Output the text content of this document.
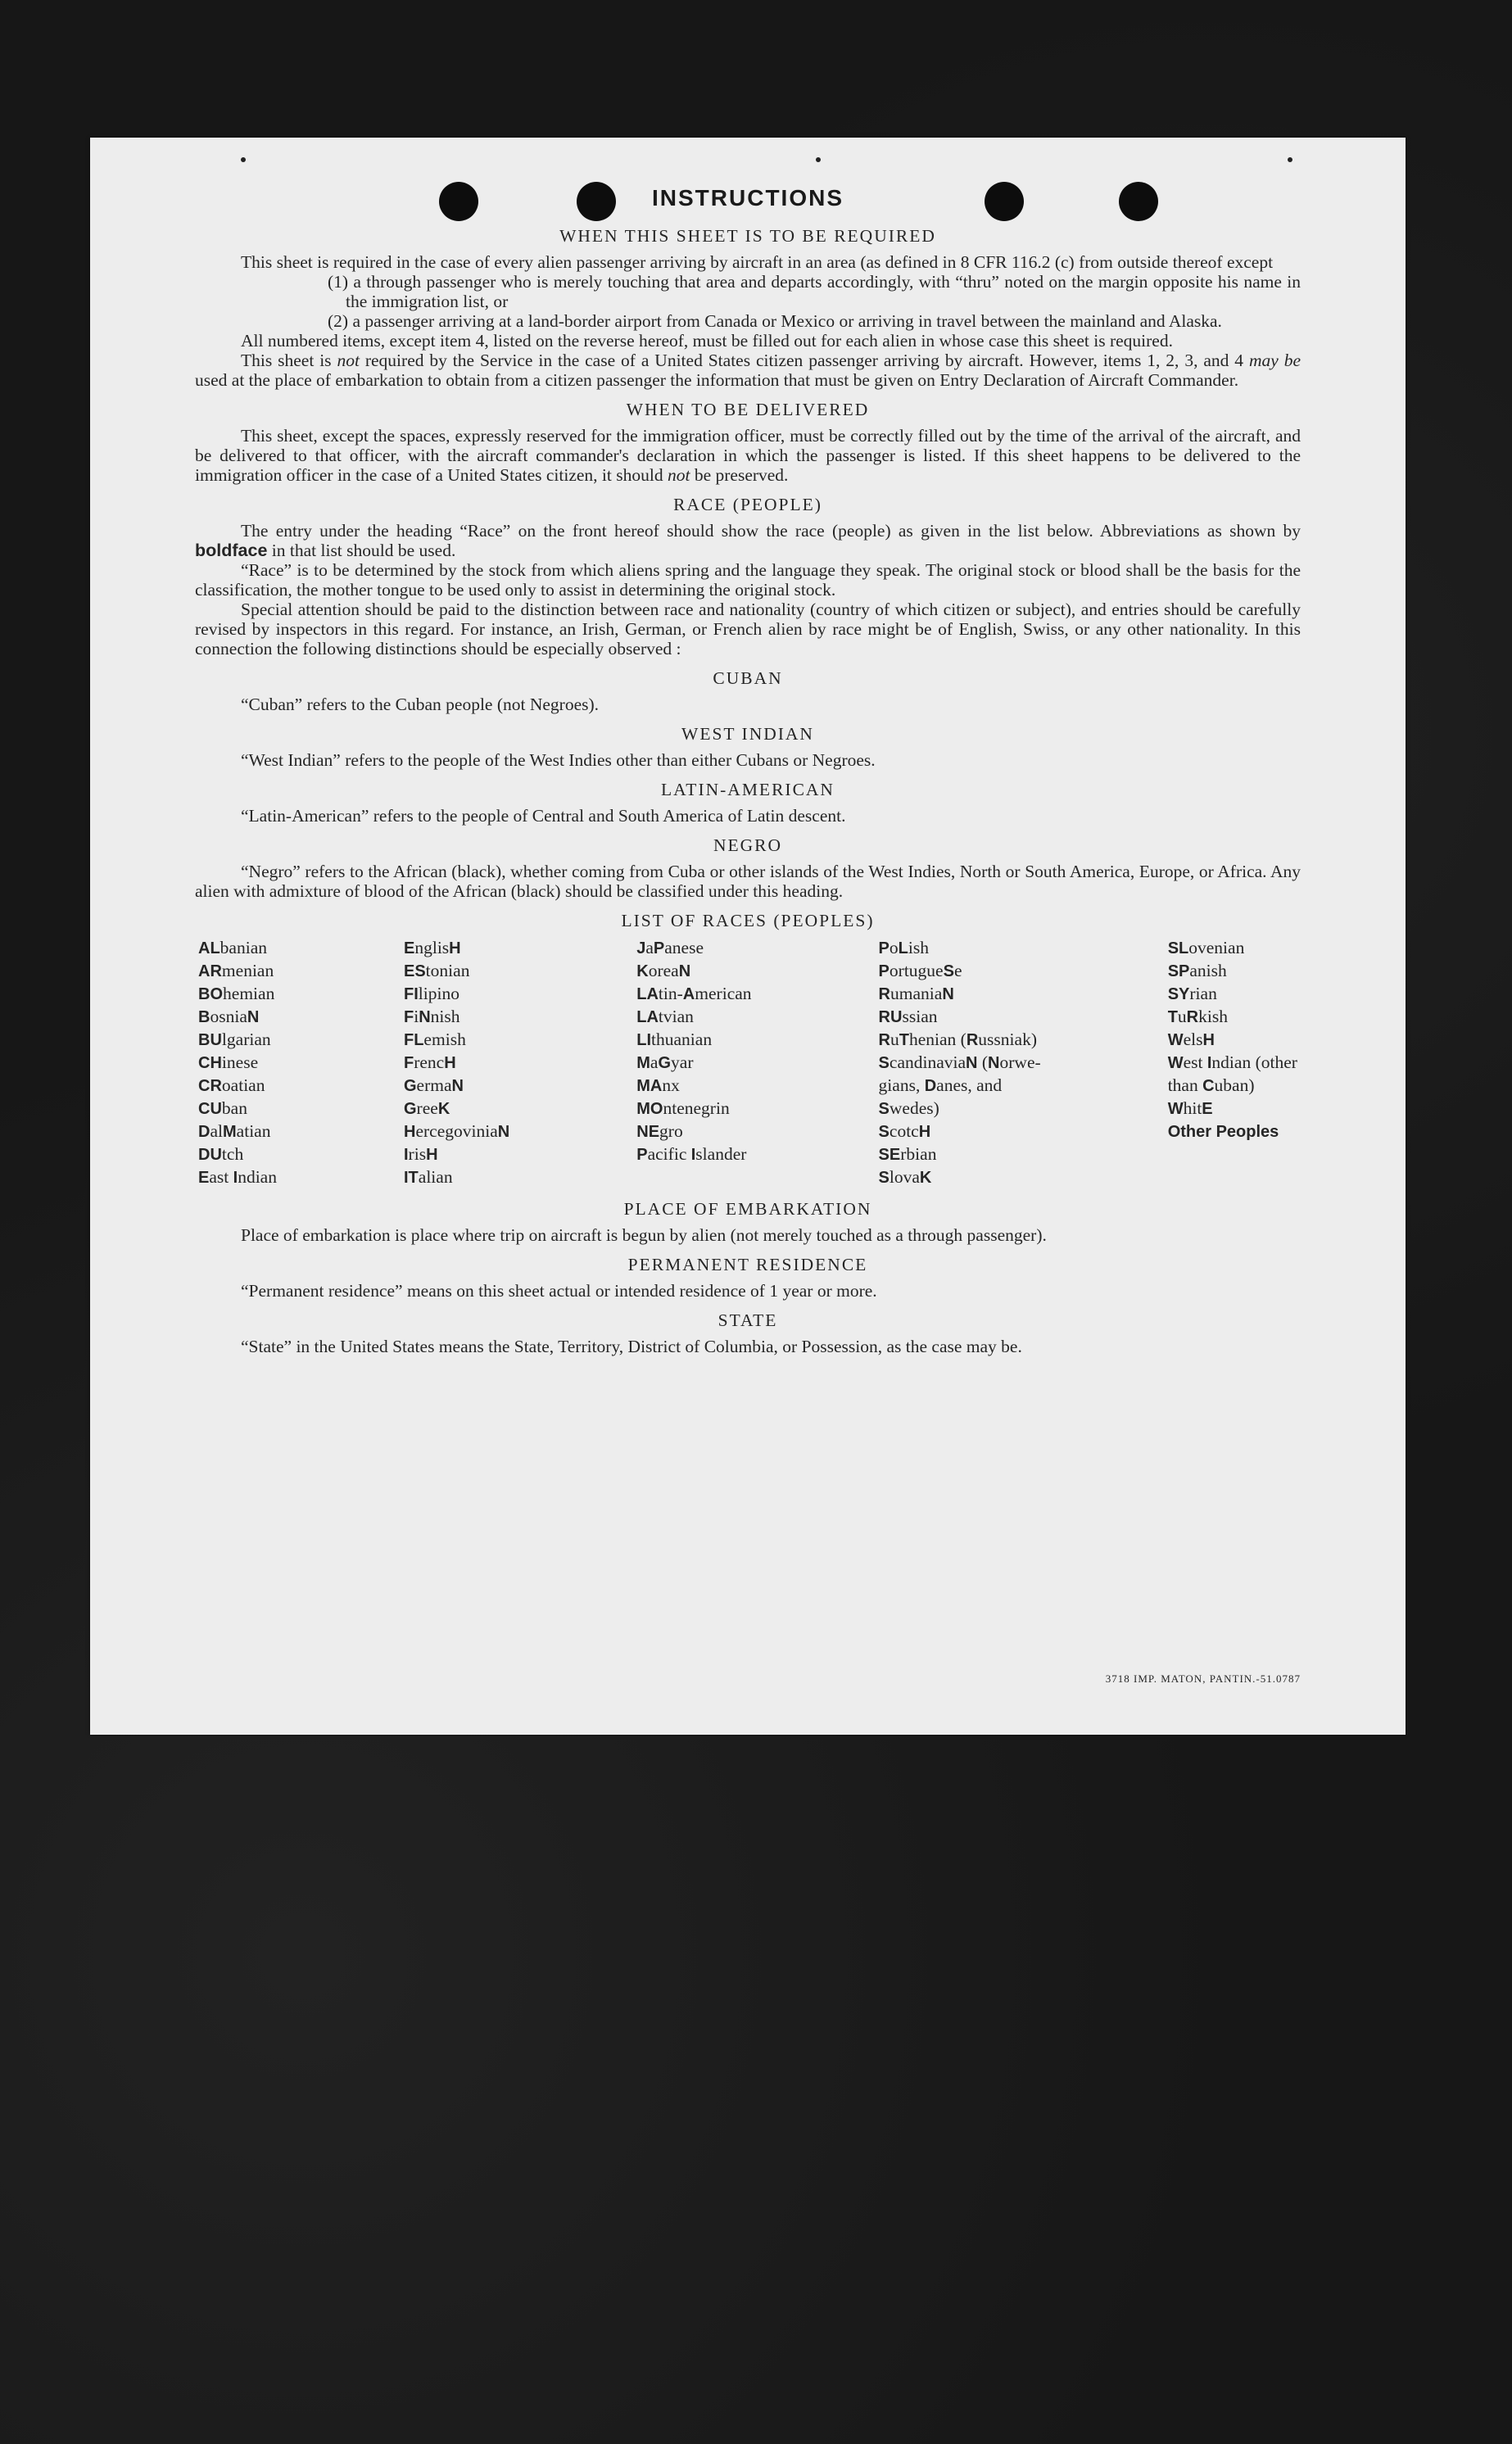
INSTRUCTIONS
WHEN THIS SHEET IS TO BE REQUIRED

This sheet is required in the case of every alien passenger arriving by aircraft in an area (as defined in 8 CFR 116.2 (c) from outside thereof except

(1) a through passenger who is merely touching that area and departs accordingly, with “thru” noted on the margin opposite his name in the immigration list, or

(2) a passenger arriving at a land-border airport from Canada or Mexico or arriving in travel between the mainland and Alaska.

All numbered items, except item 4, listed on the reverse hereof, must be filled out for each alien in whose case this sheet is required.

This sheet is not required by the Service in the case of a United States citizen passenger arriving by aircraft. However, items 1, 2, 3, and 4 may be used at the place of embarkation to obtain from a citizen passenger the information that must be given on Entry Declaration of Aircraft Commander.

WHEN TO BE DELIVERED

This sheet, except the spaces, expressly reserved for the immigration officer, must be correctly filled out by the time of the arrival of the aircraft, and be delivered to that officer, with the aircraft commander's declaration in which the passenger is listed. If this sheet happens to be delivered to the immigration officer in the case of a United States citizen, it should not be preserved.

RACE (PEOPLE)

The entry under the heading “Race” on the front hereof should show the race (people) as given in the list below. Abbreviations as shown by boldface in that list should be used.

“Race” is to be determined by the stock from which aliens spring and the language they speak. The original stock or blood shall be the basis for the classification, the mother tongue to be used only to assist in determining the original stock.

Special attention should be paid to the distinction between race and nationality (country of which citizen or subject), and entries should be carefully revised by inspectors in this regard. For instance, an Irish, German, or French alien by race might be of English, Swiss, or any other nationality. In this connection the following distinctions should be especially observed :

CUBAN

“Cuban” refers to the Cuban people (not Negroes).

WEST INDIAN

“West Indian” refers to the people of the West Indies other than either Cubans or Negroes.

LATIN-AMERICAN

“Latin-American” refers to the people of Central and South America of Latin descent.

NEGRO

“Negro” refers to the African (black), whether coming from Cuba or other islands of the West Indies, North or South America, Europe, or Africa. Any alien with admixture of blood of the African (black) should be classified under this heading.

LIST OF RACES (PEOPLES)
ALbanian
ARmenian
BOhemian
BosniaN
BUlgarian
CHinese
CRoatian
CUban
DalMatian
DUtch
East Indian
EnglisH
EStonian
FIlipino
FiNnish
FLemish
FrencH
GermaN
GreeK
HercegoviniaN
IrisH
ITalian
JaPanese
KoreaN
LAtin-American
LAtvian
LIthuanian
MaGyar
MAnx
MOntenegrin
NEgro
Pacific Islander
PoLish
PortugueSe
RumaniaN
RUssian
RuThenian (Russniak)
ScandinaviaN (Norwe-
gians, Danes, and
Swedes)
ScotcH
SErbian
SlovaK
SLovenian
SPanish
SYrian
TuRkish
WelsH
West Indian (other
than Cuban)
WhitE
Other Peoples
PLACE OF EMBARKATION

Place of embarkation is place where trip on aircraft is begun by alien (not merely touched as a through passenger).

PERMANENT RESIDENCE

“Permanent residence” means on this sheet actual or intended residence of 1 year or more.

STATE

“State” in the United States means the State, Territory, District of Columbia, or Possession, as the case may be.

3718 IMP. MATON, PANTIN.-51.0787
